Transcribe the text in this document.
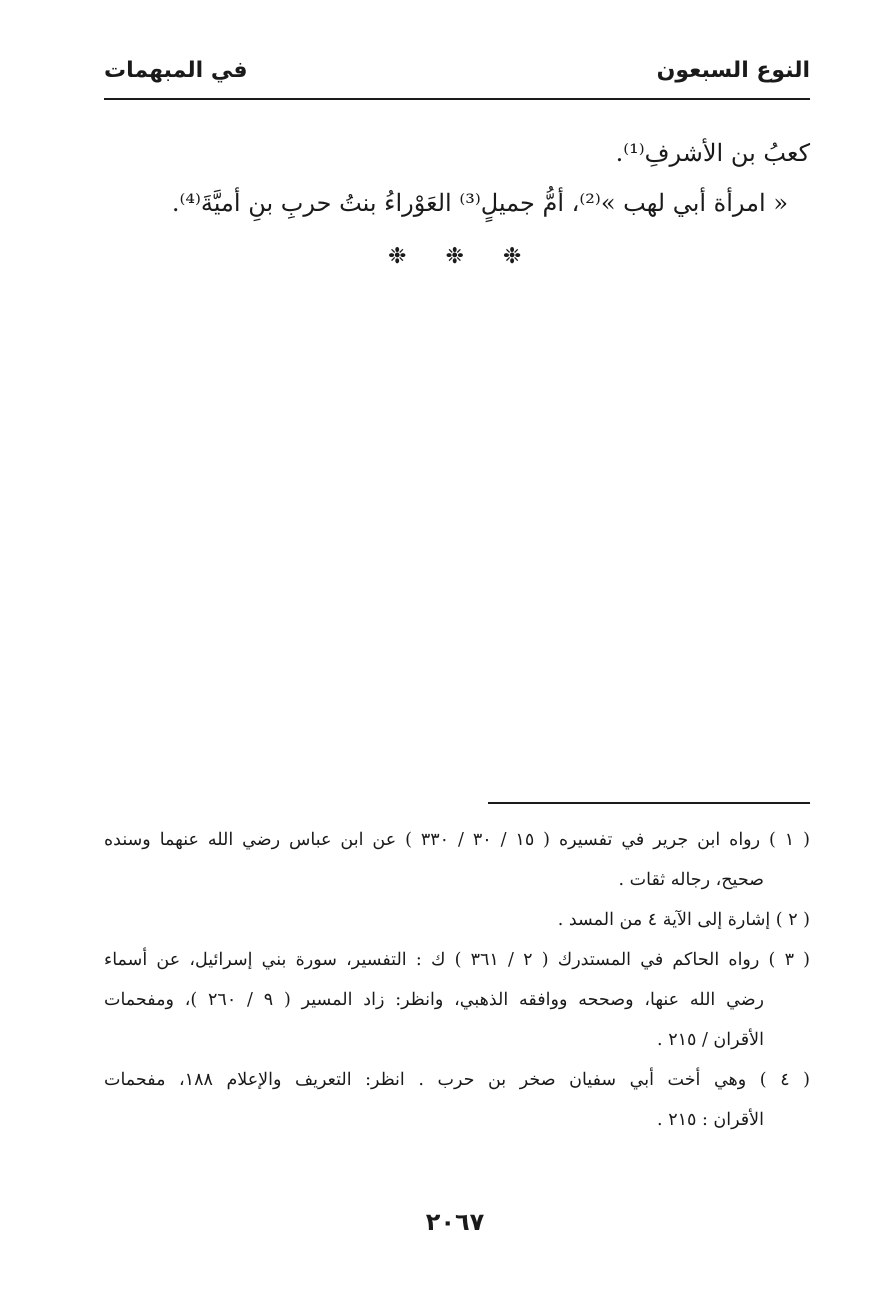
النوع السبعون
في المبهمات

كعبُ بن الأشرفِ⁽¹⁾.

« امرأة أبي لهب »⁽²⁾، أمُّ جميلٍ⁽³⁾ العَوْراءُ بنتُ حربِ بنِ أميَّةَ⁽⁴⁾.

❉ ❉ ❉
( ١ ) رواه ابن جرير في تفسيره ( ١٥ / ٣٠ / ٣٣٠ ) عن ابن عباس رضي الله عنهما وسنده
صحيح، رجاله ثقات .
( ٢ ) إشارة إلى الآية ٤ من المسد .
( ٣ ) رواه الحاكم في المستدرك ( ٢ / ٣٦١ ) ك : التفسير، سورة بني إسرائيل، عن أسماء
رضي الله عنها، وصححه ووافقه الذهبي، وانظر: زاد المسير ( ٩ / ٢٦٠ )، ومفحمات
الأقران / ٢١٥ .
( ٤ ) وهي أخت أبي سفيان صخر بن حرب . انظر: التعريف والإعلام ١٨٨، مفحمات
الأقران : ٢١٥ .
٢٠٦٧
